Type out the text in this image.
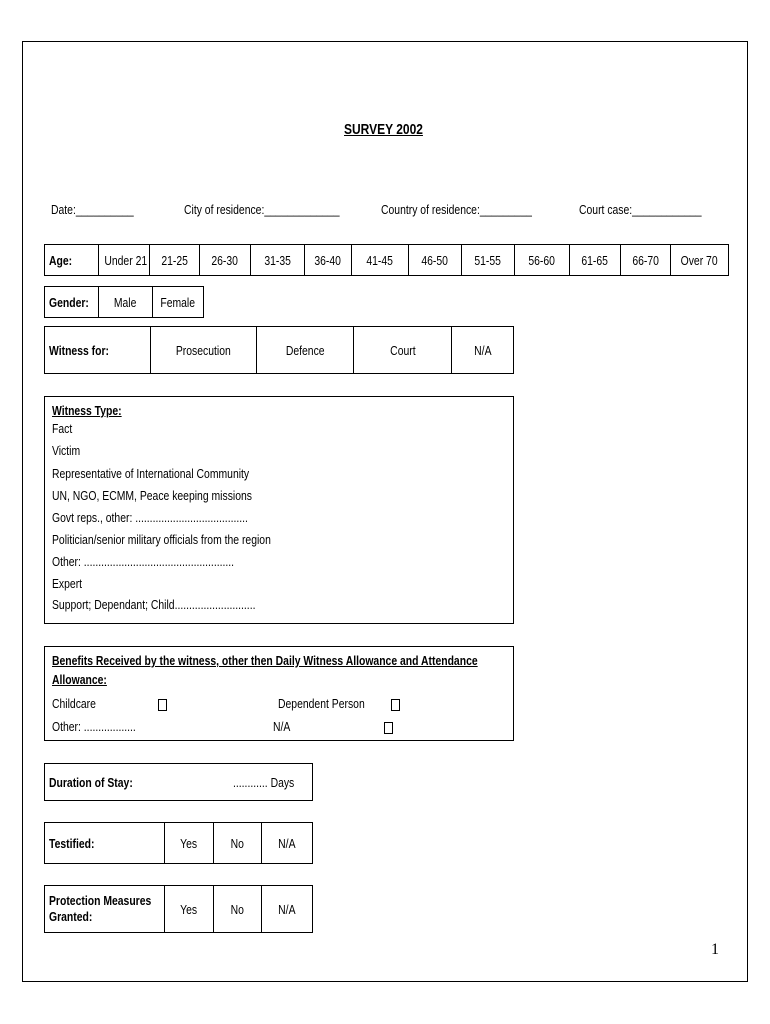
SURVEY 2002
Date:__________	City of residence:_____________	Country of residence:_________	Court case:____________
Age:	Under 21	21-25	26-30	31-35	36-40	41-45	46-50	51-55	56-60	61-65	66-70	Over 70
Gender:	Male	Female
Witness for:	Prosecution	Defence	Court	N/A
Witness Type:
Fact
Victim
Representative of International Community
UN, NGO, ECMM, Peace keeping missions
Govt reps., other: .......................................
Politician/senior military officials from the region
Other: ....................................................
Expert
Support; Dependant; Child............................
Benefits Received by the witness, other then Daily Witness Allowance and Attendance
Allowance:
Childcare	Dependent Person
Other: ..................	N/A
Duration of Stay:	............ Days
Testified:	Yes	No	N/A
Protection Measures
Granted:	Yes	No	N/A
1
